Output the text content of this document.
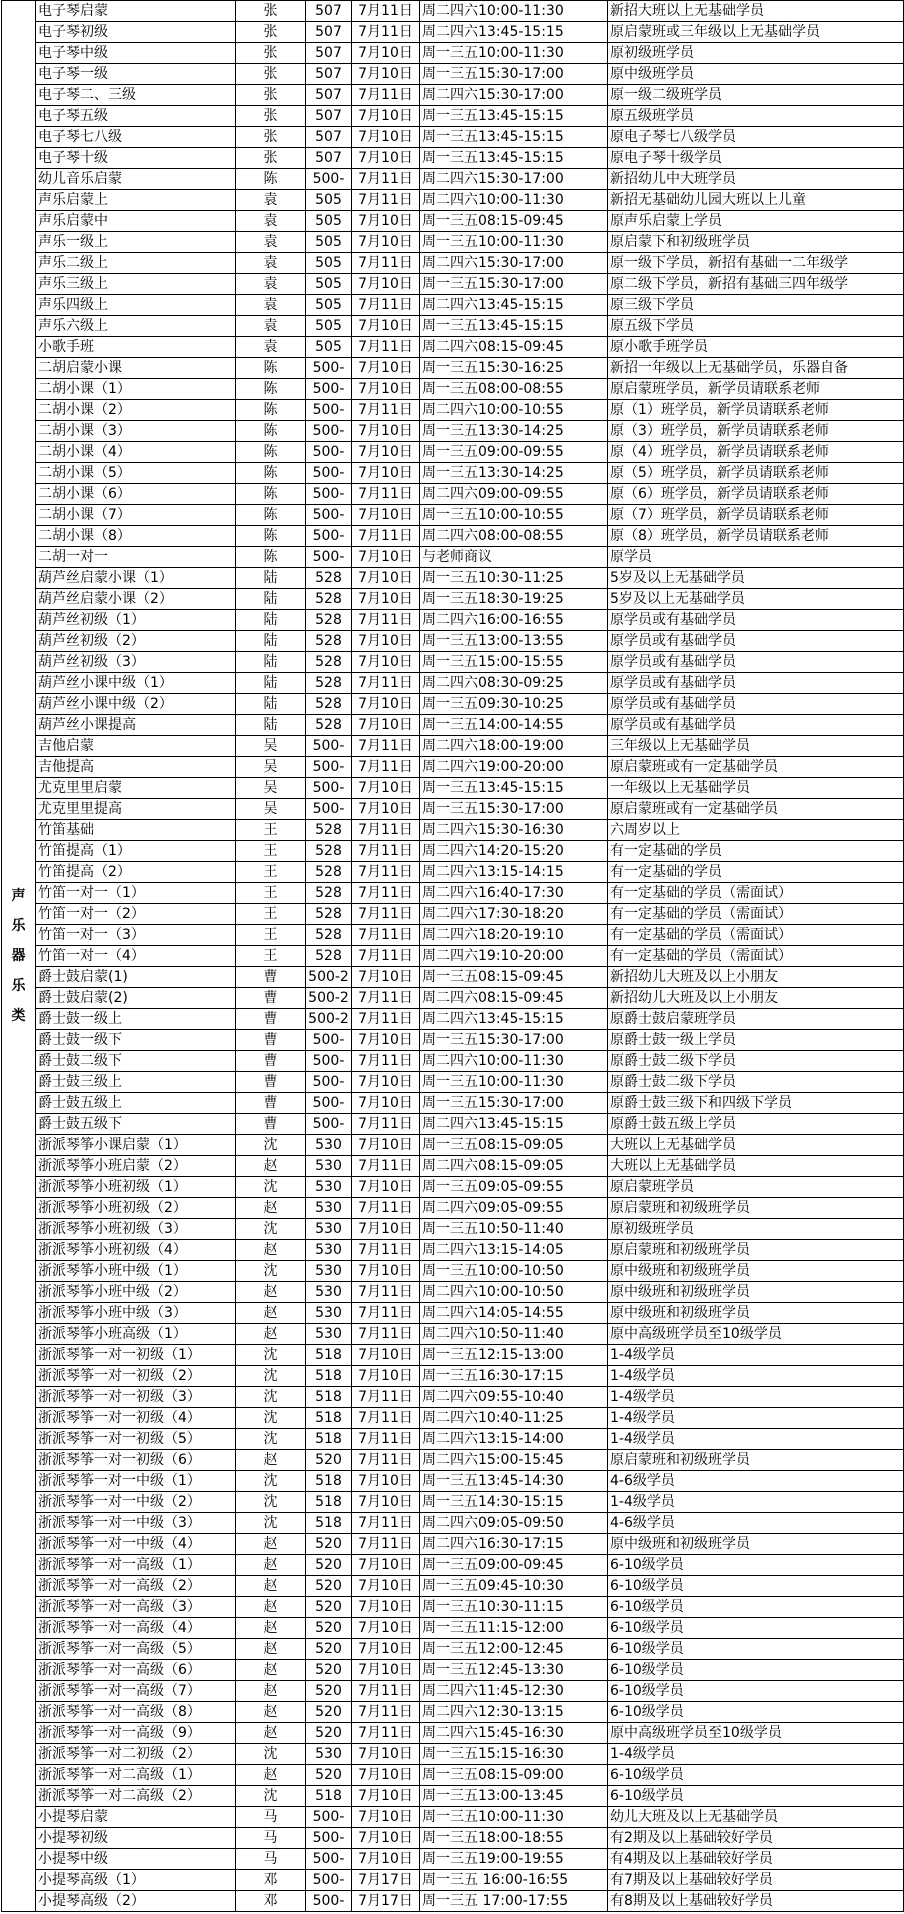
声
乐
器
乐
类	电子琴启蒙	张	507	7月11日	周二四六10:00-11:30	新招大班以上无基础学员
	电子琴初级	张	507	7月11日	周二四六13:45-15:15	原启蒙班或三年级以上无基础学员
	电子琴中级	张	507	7月10日	周一三五10:00-11:30	原初级班学员
	电子琴一级	张	507	7月10日	周一三五15:30-17:00	原中级班学员
	电子琴二、三级	张	507	7月11日	周二四六15:30-17:00	原一级二级班学员
	电子琴五级	张	507	7月10日	周一三五13:45-15:15	原五级班学员
	电子琴七八级	张	507	7月10日	周一三五13:45-15:15	原电子琴七八级学员
	电子琴十级	张	507	7月10日	周一三五13:45-15:15	原电子琴十级学员
	幼儿音乐启蒙	陈	500-	7月11日	周二四六15:30-17:00	新招幼儿中大班学员
	声乐启蒙上	袁	505	7月11日	周二四六10:00-11:30	新招无基础幼儿园大班以上儿童
	声乐启蒙中	袁	505	7月10日	周一三五08:15-09:45	原声乐启蒙上学员
	声乐一级上	袁	505	7月10日	周一三五10:00-11:30	原启蒙下和初级班学员
	声乐二级上	袁	505	7月11日	周二四六15:30-17:00	原一级下学员，新招有基础一二年级学
	声乐三级上	袁	505	7月10日	周一三五15:30-17:00	原二级下学员，新招有基础三四年级学
	声乐四级上	袁	505	7月11日	周二四六13:45-15:15	原三级下学员
	声乐六级上	袁	505	7月10日	周一三五13:45-15:15	原五级下学员
	小歌手班	袁	505	7月11日	周二四六08:15-09:45	原小歌手班学员
	二胡启蒙小课	陈	500-	7月10日	周一三五15:30-16:25	新招一年级以上无基础学员，乐器自备
	二胡小课（1）	陈	500-	7月10日	周一三五08:00-08:55	原启蒙班学员，新学员请联系老师
	二胡小课（2）	陈	500-	7月11日	周二四六10:00-10:55	原（1）班学员，新学员请联系老师
	二胡小课（3）	陈	500-	7月10日	周一三五13:30-14:25	原（3）班学员，新学员请联系老师
	二胡小课（4）	陈	500-	7月10日	周一三五09:00-09:55	原（4）班学员，新学员请联系老师
	二胡小课（5）	陈	500-	7月10日	周一三五13:30-14:25	原（5）班学员，新学员请联系老师
	二胡小课（6）	陈	500-	7月11日	周二四六09:00-09:55	原（6）班学员，新学员请联系老师
	二胡小课（7）	陈	500-	7月10日	周一三五10:00-10:55	原（7）班学员，新学员请联系老师
	二胡小课（8）	陈	500-	7月11日	周二四六08:00-08:55	原（8）班学员，新学员请联系老师
	二胡一对一	陈	500-	7月10日	与老师商议	原学员
	葫芦丝启蒙小课（1）	陆	528	7月10日	周一三五10:30-11:25	5岁及以上无基础学员
	葫芦丝启蒙小课（2）	陆	528	7月10日	周一三五18:30-19:25	5岁及以上无基础学员
	葫芦丝初级（1）	陆	528	7月11日	周二四六16:00-16:55	原学员或有基础学员
	葫芦丝初级（2）	陆	528	7月10日	周一三五13:00-13:55	原学员或有基础学员
	葫芦丝初级（3）	陆	528	7月10日	周一三五15:00-15:55	原学员或有基础学员
	葫芦丝小课中级（1）	陆	528	7月11日	周二四六08:30-09:25	原学员或有基础学员
	葫芦丝小课中级（2）	陆	528	7月10日	周一三五09:30-10:25	原学员或有基础学员
	葫芦丝小课提高	陆	528	7月10日	周一三五14:00-14:55	原学员或有基础学员
	吉他启蒙	吴	500-	7月11日	周二四六18:00-19:00	三年级以上无基础学员
	吉他提高	吴	500-	7月11日	周二四六19:00-20:00	原启蒙班或有一定基础学员
	尤克里里启蒙	吴	500-	7月10日	周一三五13:45-15:15	一年级以上无基础学员
	尤克里里提高	吴	500-	7月10日	周一三五15:30-17:00	原启蒙班或有一定基础学员
	竹笛基础	王	528	7月11日	周二四六15:30-16:30	六周岁以上
	竹笛提高（1）	王	528	7月11日	周二四六14:20-15:20	有一定基础的学员
	竹笛提高（2）	王	528	7月11日	周二四六13:15-14:15	有一定基础的学员
	竹笛一对一（1）	王	528	7月11日	周二四六16:40-17:30	有一定基础的学员（需面试）
	竹笛一对一（2）	王	528	7月11日	周二四六17:30-18:20	有一定基础的学员（需面试）
	竹笛一对一（3）	王	528	7月11日	周二四六18:20-19:10	有一定基础的学员（需面试）
	竹笛一对一（4）	王	528	7月11日	周二四六19:10-20:00	有一定基础的学员（需面试）
	爵士鼓启蒙(1)	曹	500-2	7月10日	周一三五08:15-09:45	新招幼儿大班及以上小朋友
	爵士鼓启蒙(2)	曹	500-2	7月11日	周二四六08:15-09:45	新招幼儿大班及以上小朋友
	爵士鼓一级上	曹	500-2	7月11日	周二四六13:45-15:15	原爵士鼓启蒙班学员
	爵士鼓一级下	曹	500-	7月10日	周一三五15:30-17:00	原爵士鼓一级上学员
	爵士鼓二级下	曹	500-	7月11日	周二四六10:00-11:30	原爵士鼓二级下学员
	爵士鼓三级上	曹	500-	7月10日	周一三五10:00-11:30	原爵士鼓二级下学员
	爵士鼓五级上	曹	500-	7月10日	周一三五15:30-17:00	原爵士鼓三级下和四级下学员
	爵士鼓五级下	曹	500-	7月11日	周二四六13:45-15:15	原爵士鼓五级上学员
	浙派琴筝小课启蒙（1）	沈	530	7月10日	周一三五08:15-09:05	大班以上无基础学员
	浙派琴筝小班启蒙（2）	赵	530	7月11日	周二四六08:15-09:05	大班以上无基础学员
	浙派琴筝小班初级（1）	沈	530	7月10日	周一三五09:05-09:55	原启蒙班学员
	浙派琴筝小班初级（2）	赵	530	7月11日	周二四六09:05-09:55	原启蒙班和初级班学员
	浙派琴筝小班初级（3）	沈	530	7月10日	周一三五10:50-11:40	原初级班学员
	浙派琴筝小班初级（4）	赵	530	7月11日	周二四六13:15-14:05	原启蒙班和初级班学员
	浙派琴筝小班中级（1）	沈	530	7月10日	周一三五10:00-10:50	原中级班和初级班学员
	浙派琴筝小班中级（2）	赵	530	7月11日	周二四六10:00-10:50	原中级班和初级班学员
	浙派琴筝小班中级（3）	赵	530	7月11日	周二四六14:05-14:55	原中级班和初级班学员
	浙派琴筝小班高级（1）	赵	530	7月11日	周二四六10:50-11:40	原中高级班学员至10级学员
	浙派琴筝一对一初级（1）	沈	518	7月10日	周一三五12:15-13:00	1-4级学员
	浙派琴筝一对一初级（2）	沈	518	7月10日	周一三五16:30-17:15	1-4级学员
	浙派琴筝一对一初级（3）	沈	518	7月11日	周二四六09:55-10:40	1-4级学员
	浙派琴筝一对一初级（4）	沈	518	7月11日	周二四六10:40-11:25	1-4级学员
	浙派琴筝一对一初级（5）	沈	518	7月11日	周二四六13:15-14:00	1-4级学员
	浙派琴筝一对一初级（6）	赵	520	7月11日	周二四六15:00-15:45	原启蒙班和初级班学员
	浙派琴筝一对一中级（1）	沈	518	7月10日	周一三五13:45-14:30	4-6级学员
	浙派琴筝一对一中级（2）	沈	518	7月10日	周一三五14:30-15:15	1-4级学员
	浙派琴筝一对一中级（3）	沈	518	7月11日	周二四六09:05-09:50	4-6级学员
	浙派琴筝一对一中级（4）	赵	520	7月11日	周二四六16:30-17:15	原中级班和初级班学员
	浙派琴筝一对一高级（1）	赵	520	7月10日	周一三五09:00-09:45	6-10级学员
	浙派琴筝一对一高级（2）	赵	520	7月10日	周一三五09:45-10:30	6-10级学员
	浙派琴筝一对一高级（3）	赵	520	7月10日	周一三五10:30-11:15	6-10级学员
	浙派琴筝一对一高级（4）	赵	520	7月10日	周一三五11:15-12:00	6-10级学员
	浙派琴筝一对一高级（5）	赵	520	7月10日	周一三五12:00-12:45	6-10级学员
	浙派琴筝一对一高级（6）	赵	520	7月10日	周一三五12:45-13:30	6-10级学员
	浙派琴筝一对一高级（7）	赵	520	7月11日	周二四六11:45-12:30	6-10级学员
	浙派琴筝一对一高级（8）	赵	520	7月11日	周二四六12:30-13:15	6-10级学员
	浙派琴筝一对一高级（9）	赵	520	7月11日	周二四六15:45-16:30	原中高级班学员至10级学员
	浙派琴筝一对二初级（2）	沈	530	7月10日	周一三五15:15-16:30	1-4级学员
	浙派琴筝一对二高级（1）	赵	520	7月10日	周一三五08:15-09:00	6-10级学员
	浙派琴筝一对二高级（2）	沈	518	7月10日	周一三五13:00-13:45	6-10级学员
	小提琴启蒙	马	500-	7月10日	周一三五10:00-11:30	幼儿大班及以上无基础学员
	小提琴初级	马	500-	7月10日	周一三五18:00-18:55	有2期及以上基础较好学员
	小提琴中级	马	500-	7月10日	周一三五19:00-19:55	有4期及以上基础较好学员
	小提琴高级（1）	邓	500-	7月17日	周一三五 16:00-16:55	有7期及以上基础较好学员
	小提琴高级（2）	邓	500-	7月17日	周一三五 17:00-17:55	有8期及以上基础较好学员
